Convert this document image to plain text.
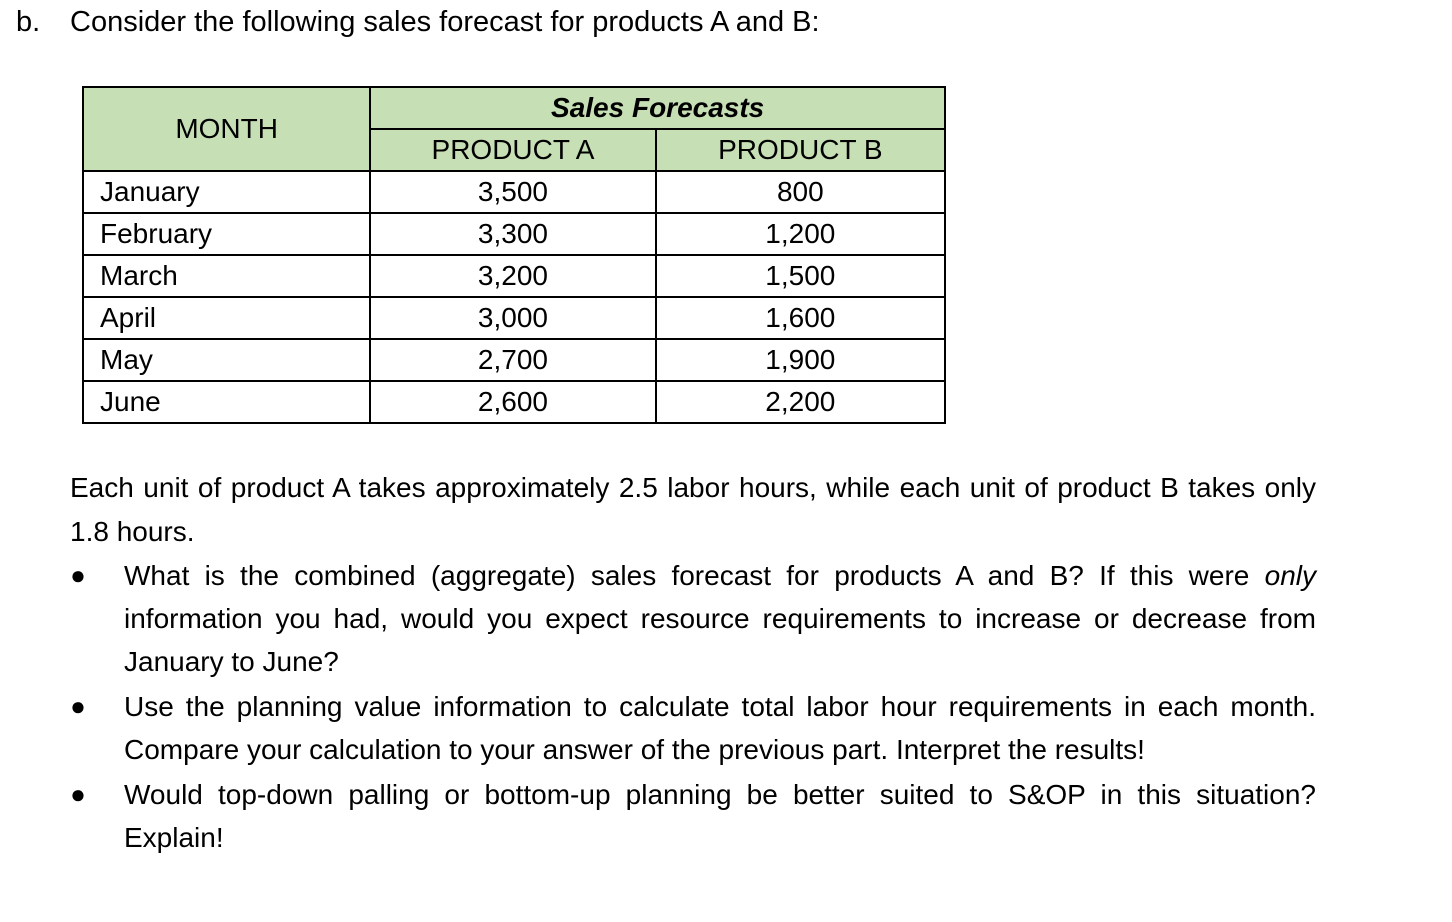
b. Consider the following sales forecast for products A and B:
MONTH	Sales Forecasts	
	PRODUCT A	PRODUCT B
January	3,500	800
February	3,300	1,200
March	3,200	1,500
April	3,000	1,600
May	2,700	1,900
June	2,600	2,200

Each unit of product A takes approximately 2.5 labor hours, while each unit of product B takes only 1.8 hours.

● What is the combined (aggregate) sales forecast for products A and B? If this were only information you had, would you expect resource requirements to increase or decrease from January to June?
● Use the planning value information to calculate total labor hour requirements in each month. Compare your calculation to your answer of the previous part. Interpret the results!
● Would top-down palling or bottom-up planning be better suited to S&OP in this situation? Explain!
